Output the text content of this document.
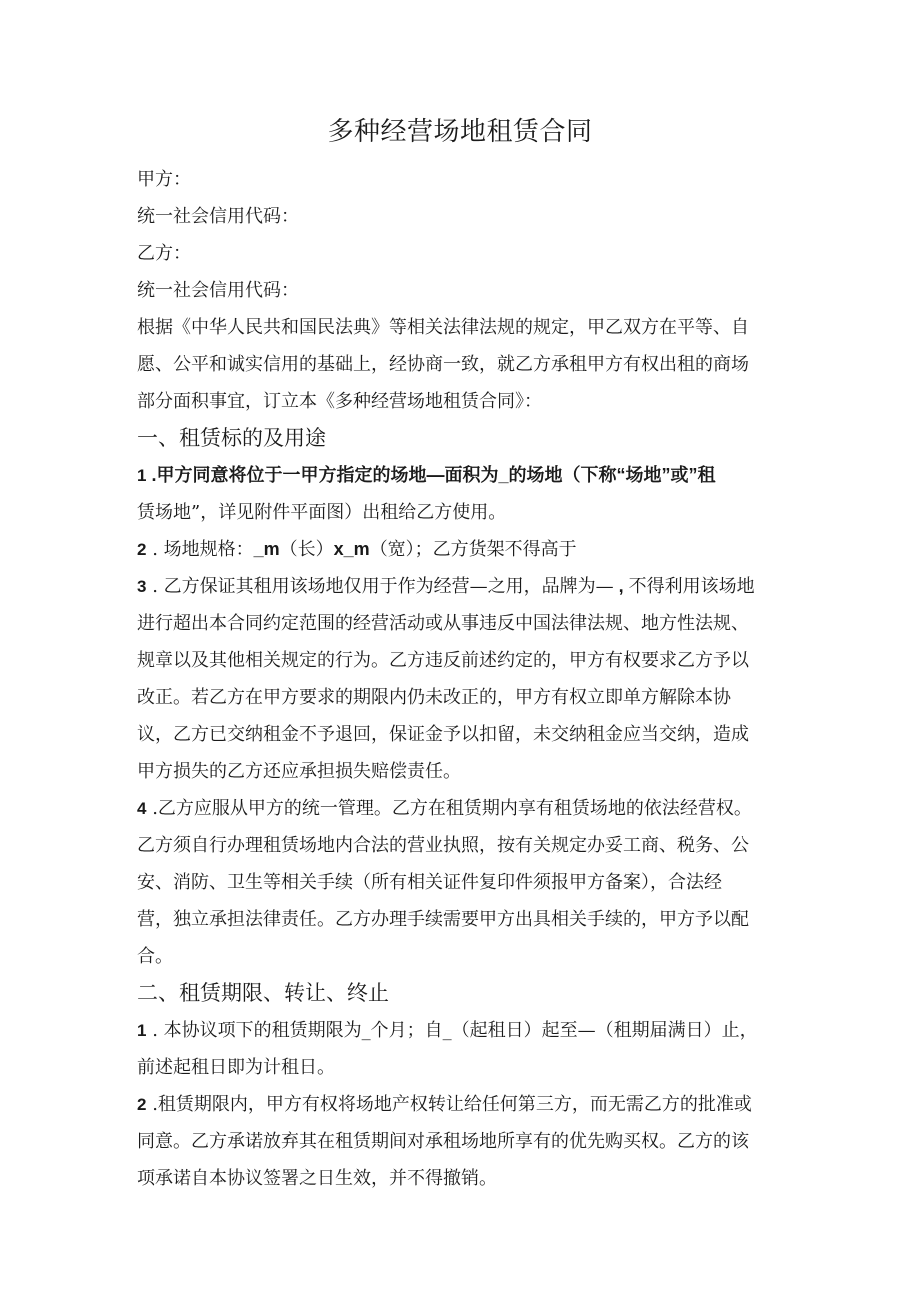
多种经营场地租赁合同
甲方：
统一社会信用代码：
乙方：
统一社会信用代码：
根据《中华人民共和国民法典》等相关法律法规的规定，甲乙双方在平等、自
愿、公平和诚实信用的基础上，经协商一致，就乙方承租甲方有权出租的商场
部分面积事宜，订立本《多种经营场地租赁合同》：
一、租赁标的及用途
1 .甲方同意将位于一甲方指定的场地—面积为_的场地（下称“场地”或”租
赁场地”，详见附件平面图）出租给乙方使用。
2 . 场地规格：_m（长）x_m（宽）；乙方货架不得高于
3 . 乙方保证其租用该场地仅用于作为经营—之用，品牌为— , 不得利用该场地
进行超出本合同约定范围的经营活动或从事违反中国法律法规、地方性法规、
规章以及其他相关规定的行为。乙方违反前述约定的，甲方有权要求乙方予以
改正。若乙方在甲方要求的期限内仍未改正的，甲方有权立即单方解除本协
议，乙方已交纳租金不予退回，保证金予以扣留，未交纳租金应当交纳，造成
甲方损失的乙方还应承担损失赔偿责任。
4 .乙方应服从甲方的统一管理。乙方在租赁期内享有租赁场地的依法经营权。
乙方须自行办理租赁场地内合法的营业执照，按有关规定办妥工商、税务、公
安、消防、卫生等相关手续（所有相关证件复印件须报甲方备案），合法经
营，独立承担法律责任。乙方办理手续需要甲方出具相关手续的，甲方予以配
合。
二、租赁期限、转让、终止
1 . 本协议项下的租赁期限为_个月；自_（起租日）起至—（租期届满日）止，
前述起租日即为计租日。
2 .租赁期限内，甲方有权将场地产权转让给任何第三方，而无需乙方的批准或
同意。乙方承诺放弃其在租赁期间对承租场地所享有的优先购买权。乙方的该
项承诺自本协议签署之日生效，并不得撤销。
